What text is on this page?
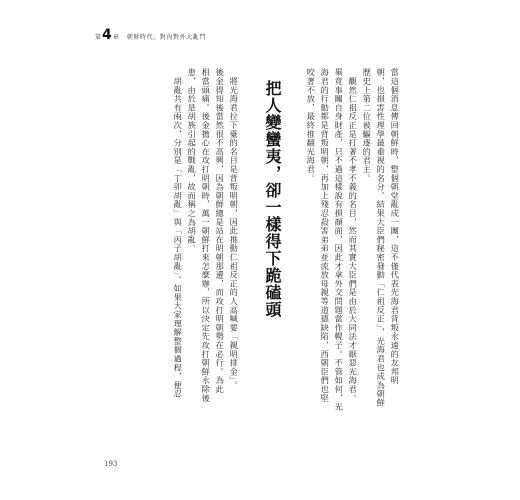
第 4 章 朝鮮時代，對內對外大亂鬥
當這個消息傳回朝鮮時，整個朝堂亂成一團，這不僅代表光海君背叛永遠的友邦明
朝，也損害性理學最重視的名分。結果大臣們秘密發動「仁祖反正」，光海君也成為朝鮮
歷史上第二位被驅逐的君主。
　觀然仁祖反正是打著不孝不義的名目，然而其實大臣們是由於大同法才厭惡光海君。
畢竟事關自身財產，只不過這樣說有損顏面，因此才拿外交問題當作幌子。不管如何，光
海君的行動都是背叛明朝，再加上殘忍殺害弟弟並流放母親等道德缺陷，西朝臣們也堅
咬著不放，最終推翻光海君。
把人變蠻夷，卻一樣得下跪磕頭
　將光海君拉下臺的名目是背叛明朝，因此推動仁祖反正的人高喊要「親明排金」。
後金得知後當然很不高興，因為朝鮮總是站在明朝那邊，而攻打明朝勢在必行。為此
相當頭痛。後金擔心在攻打明朝時，萬一朝鮮打來怎麼辦，所以決定先攻打朝鮮永除後
患，由於是胡族引起的戰亂，故而稱之為胡亂。
　胡亂共有兩次，分別是「丁卯胡亂」與「丙子胡亂」。如果大家理解整個過程，便忍
193
